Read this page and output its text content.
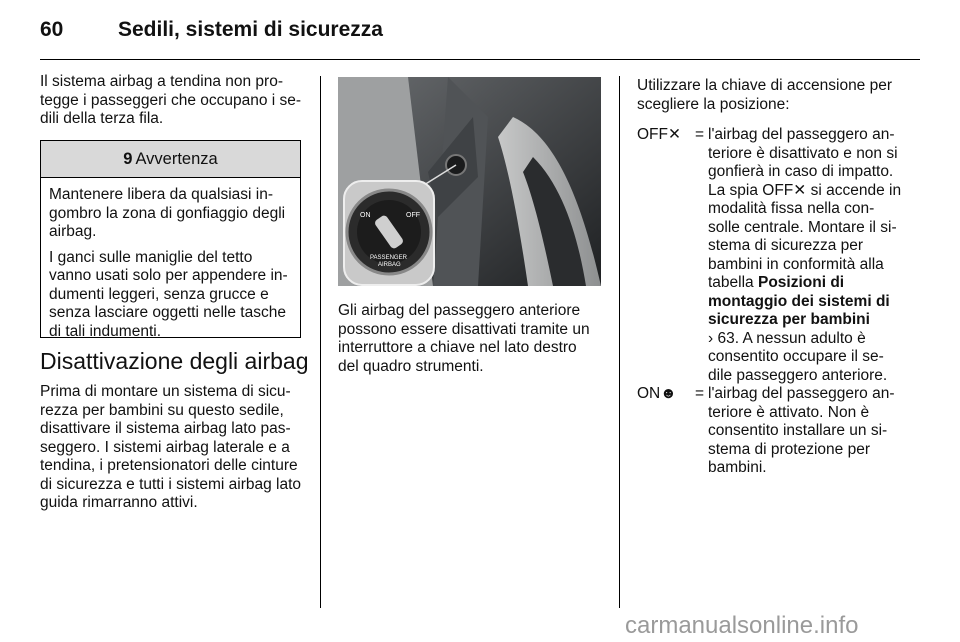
60	Sedili, sistemi di sicurezza

Il sistema airbag a tendina non pro-tegge i passeggeri che occupano i se-dili della terza fila.

9 Avvertenza

Mantenere libera da qualsiasi in-gombro la zona di gonfiaggio degli airbag.

I ganci sulle maniglie del tetto vanno usati solo per appendere in-dumenti leggeri, senza grucce e senza lasciare oggetti nelle tasche di tali indumenti.

Disattivazione degli airbag

Prima di montare un sistema di sicu-rezza per bambini su questo sedile, disattivare il sistema airbag lato pas-seggero. I sistemi airbag laterale e a tendina, i pretensionatori delle cinture di sicurezza e tutti i sistemi airbag lato guida rimarranno attivi.

ON	OFF
PASSENGER
AIRBAG

Gli airbag del passeggero anteriore possono essere disattivati tramite un interruttore a chiave nel lato destro del quadro strumenti.

Utilizzare la chiave di accensione per scegliere la posizione:

OFF✕ = l'airbag del passeggero an-teriore è disattivato e non si gonfierà in caso di impatto. La spia OFF✕ si accende in modalità fissa nella con-solle centrale. Montare il si-stema di sicurezza per bambini in conformità alla tabella Posizioni di montaggio dei sistemi di sicurezza per bambini
› 63. A nessun adulto è consentito occupare il se-dile passeggero anteriore.
ON☻	= l'airbag del passeggero an-teriore è attivato. Non è consentito installare un si-stema di protezione per bambini.
carmanualsonline.info
